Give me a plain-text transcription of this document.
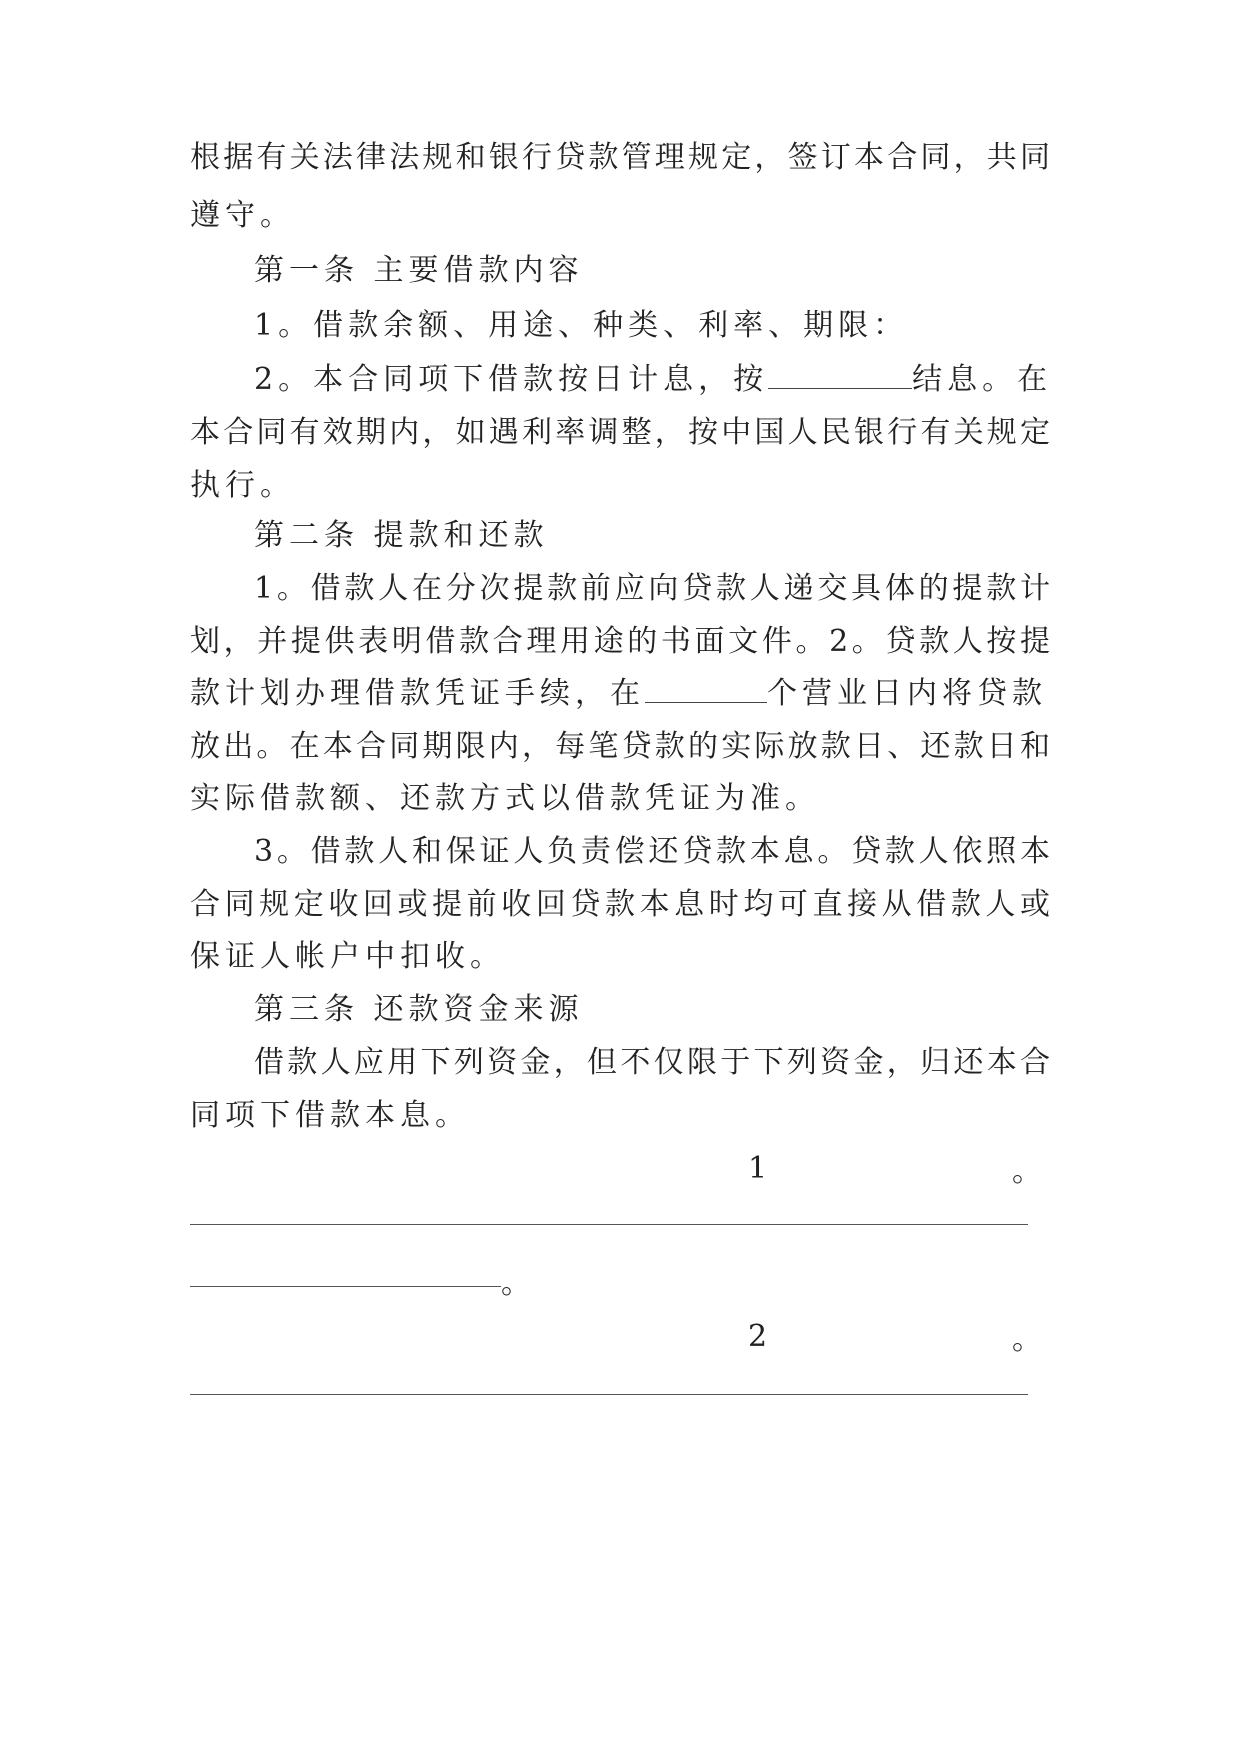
根据有关法律法规和银行贷款管理规定，签订本合同，共同
遵守。
第一条 主要借款内容
1。借款余额、用途、种类、利率、期限：
2。本合同项下借款按日计息，按	结息。在
本合同有效期内，如遇利率调整，按中国人民银行有关规定
执行。
第二条 提款和还款
1。借款人在分次提款前应向贷款人递交具体的提款计
划，并提供表明借款合理用途的书面文件。2。贷款人按提
款计划办理借款凭证手续，在	个营业日内将贷款
放出。在本合同期限内，每笔贷款的实际放款日、还款日和
实际借款额、还款方式以借款凭证为准。
3。借款人和保证人负责偿还贷款本息。贷款人依照本
合同规定收回或提前收回贷款本息时均可直接从借款人或
保证人帐户中扣收。
第三条 还款资金来源
借款人应用下列资金，但不仅限于下列资金，归还本合
同项下借款本息。
1	。
。
2	。
